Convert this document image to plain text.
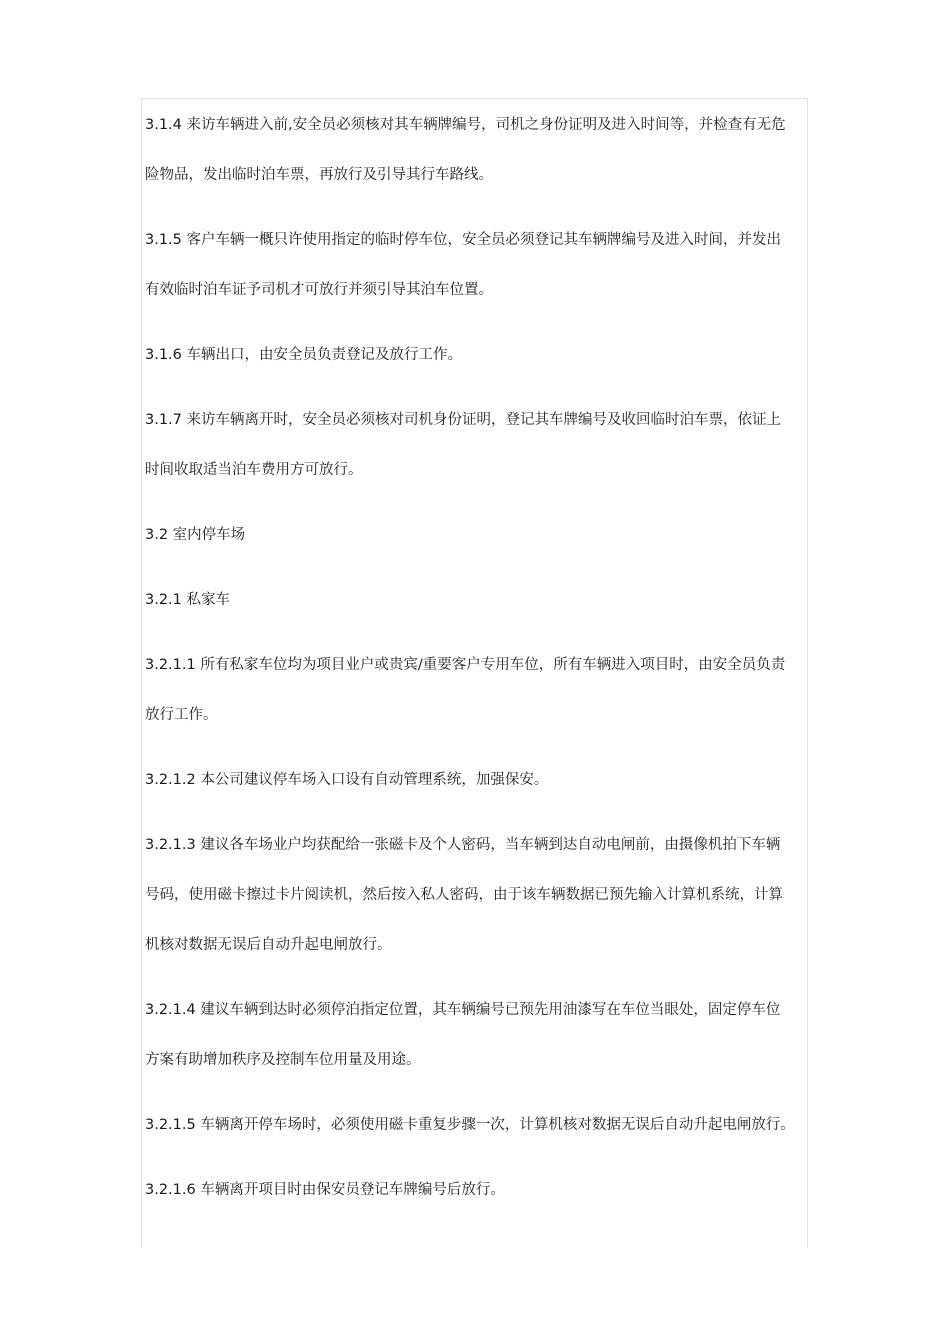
3.1.4 来访车辆进入前,安全员必须核对其车辆牌编号，司机之身份证明及进入时间等，并检查有无危
险物品，发出临时泊车票，再放行及引导其行车路线。
3.1.5 客户车辆一概只许使用指定的临时停车位，安全员必须登记其车辆牌编号及进入时间，并发出
有效临时泊车证予司机才可放行并须引导其泊车位置。
3.1.6 车辆出口，由安全员负责登记及放行工作。
3.1.7 来访车辆离开时，安全员必须核对司机身份证明，登记其车牌编号及收回临时泊车票，依证上
时间收取适当泊车费用方可放行。
3.2 室内停车场
3.2.1 私家车
3.2.1.1 所有私家车位均为项目业户或贵宾/重要客户专用车位，所有车辆进入项目时，由安全员负责
放行工作。
3.2.1.2 本公司建议停车场入口设有自动管理系统，加强保安。
3.2.1.3 建议各车场业户均获配给一张磁卡及个人密码，当车辆到达自动电闸前，由摄像机拍下车辆
号码，使用磁卡擦过卡片阅读机，然后按入私人密码，由于该车辆数据已预先输入计算机系统，计算
机核对数据无误后自动升起电闸放行。
3.2.1.4 建议车辆到达时必须停泊指定位置，其车辆编号已预先用油漆写在车位当眼处，固定停车位
方案有助增加秩序及控制车位用量及用途。
3.2.1.5 车辆离开停车场时，必须使用磁卡重复步骤一次，计算机核对数据无误后自动升起电闸放行。
3.2.1.6 车辆离开项目时由保安员登记车牌编号后放行。
